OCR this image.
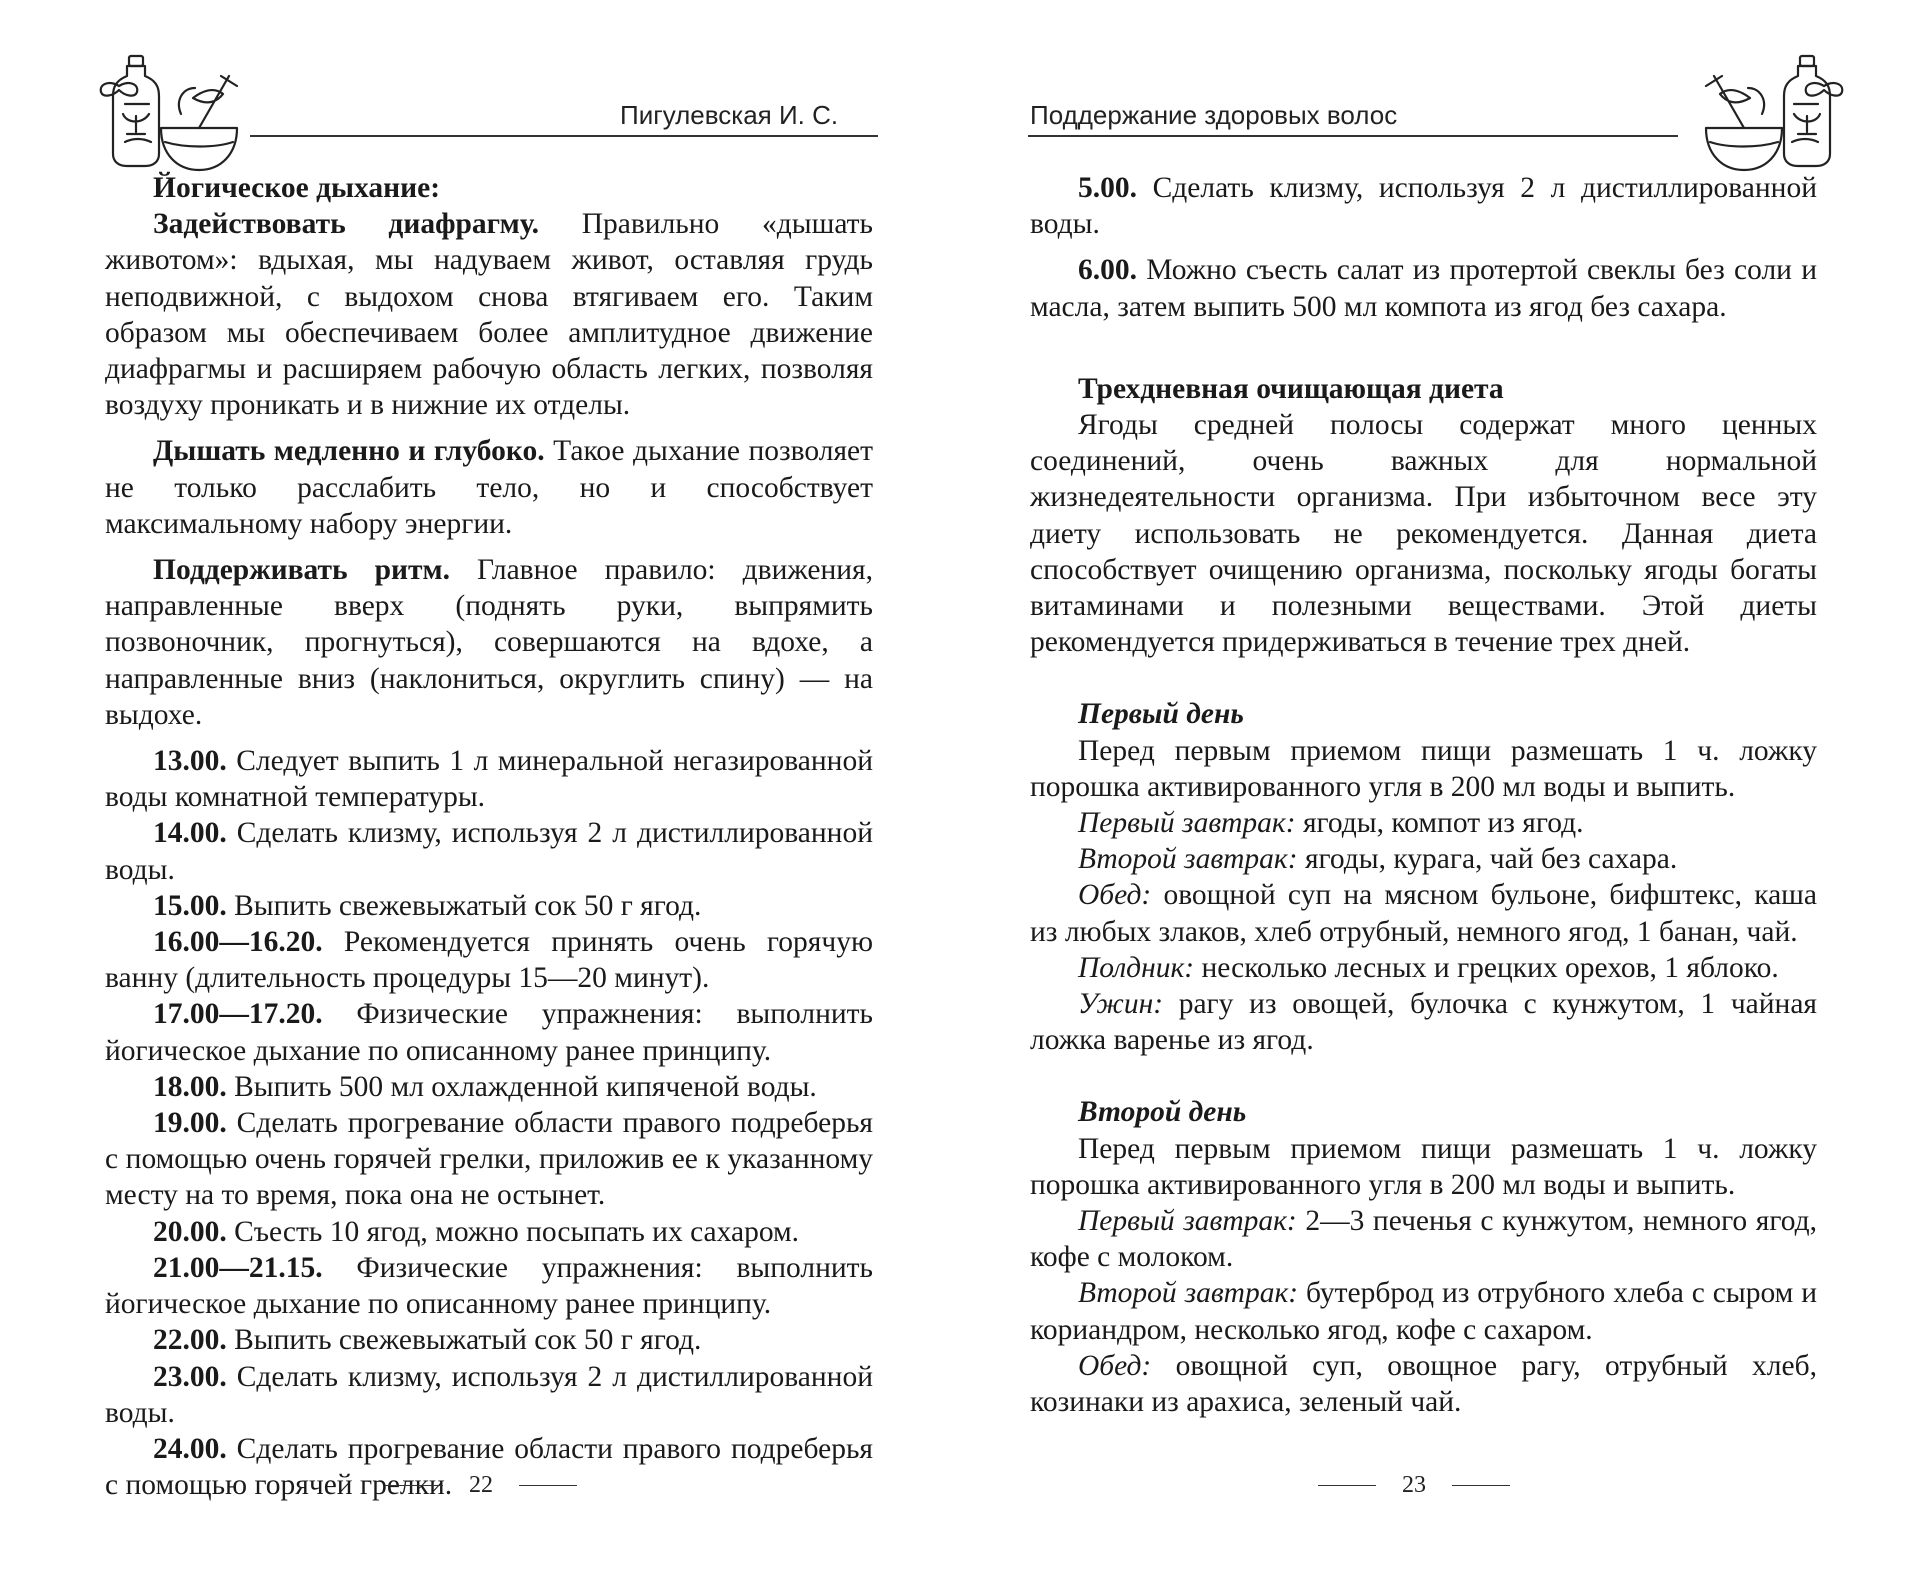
Пигулевская И. С.

Йогическое дыхание:

Задействовать диафрагму. Правильно «дышать животом»: вдыхая, мы надуваем живот, оставляя грудь неподвижной, с выдохом снова втягиваем его. Таким образом мы обеспечиваем более амплитудное движение диафрагмы и расширяем рабочую область легких, позволяя воздуху проникать и в нижние их отделы.

Дышать медленно и глубоко. Такое дыхание позволяет не только расслабить тело, но и способствует максимальному набору энергии.

Поддерживать ритм. Главное правило: движения, направленные вверх (поднять руки, выпрямить позвоночник, прогнуться), совершаются на вдохе, а направленные вниз (наклониться, округлить спину) — на выдохе.

13.00. Следует выпить 1 л минеральной негазированной воды комнатной температуры.

14.00. Сделать клизму, используя 2 л дистиллированной воды.

15.00. Выпить свежевыжатый сок 50 г ягод.

16.00—16.20. Рекомендуется принять очень горячую ванну (длительность процедуры 15—20 минут).

17.00—17.20. Физические упражнения: выполнить йогическое дыхание по описанному ранее принципу.

18.00. Выпить 500 мл охлажденной кипяченой воды.

19.00. Сделать прогревание области правого подреберья с помощью очень горячей грелки, приложив ее к указанному месту на то время, пока она не остынет.

20.00. Съесть 10 ягод, можно посыпать их сахаром.

21.00—21.15. Физические упражнения: выполнить йогическое дыхание по описанному ранее принципу.

22.00. Выпить свежевыжатый сок 50 г ягод.

23.00. Сделать клизму, используя 2 л дистиллированной воды.

24.00. Сделать прогревание области правого подреберья с помощью горячей грелки. 22
Поддержание здоровых волос

5.00. Сделать клизму, используя 2 л дистиллированной воды.

6.00. Можно съесть салат из протертой свеклы без соли и масла, затем выпить 500 мл компота из ягод без сахара.

Трехдневная очищающая диета

Ягоды средней полосы содержат много ценных соединений, очень важных для нормальной жизнедеятельности организма. При избыточном весе эту диету использовать не рекомендуется. Данная диета способствует очищению организма, поскольку ягоды богаты витаминами и полезными веществами. Этой диеты рекомендуется придерживаться в течение трех дней.

Первый день

Перед первым приемом пищи размешать 1 ч. ложку порошка активированного угля в 200 мл воды и выпить.

Первый завтрак: ягоды, компот из ягод.

Второй завтрак: ягоды, курага, чай без сахара.

Обед: овощной суп на мясном бульоне, бифштекс, каша из любых злаков, хлеб отрубный, немного ягод, 1 банан, чай.

Полдник: несколько лесных и грецких орехов, 1 яблоко.

Ужин: рагу из овощей, булочка с кунжутом, 1 чайная ложка варенье из ягод.

Второй день

Перед первым приемом пищи размешать 1 ч. ложку порошка активированного угля в 200 мл воды и выпить.

Первый завтрак: 2—3 печенья с кунжутом, немного ягод, кофе с молоком.

Второй завтрак: бутерброд из отрубного хлеба с сыром и кориандром, несколько ягод, кофе с сахаром.

Обед: овощной суп, овощное рагу, отрубный хлеб, козинаки из арахиса, зеленый чай.

23
